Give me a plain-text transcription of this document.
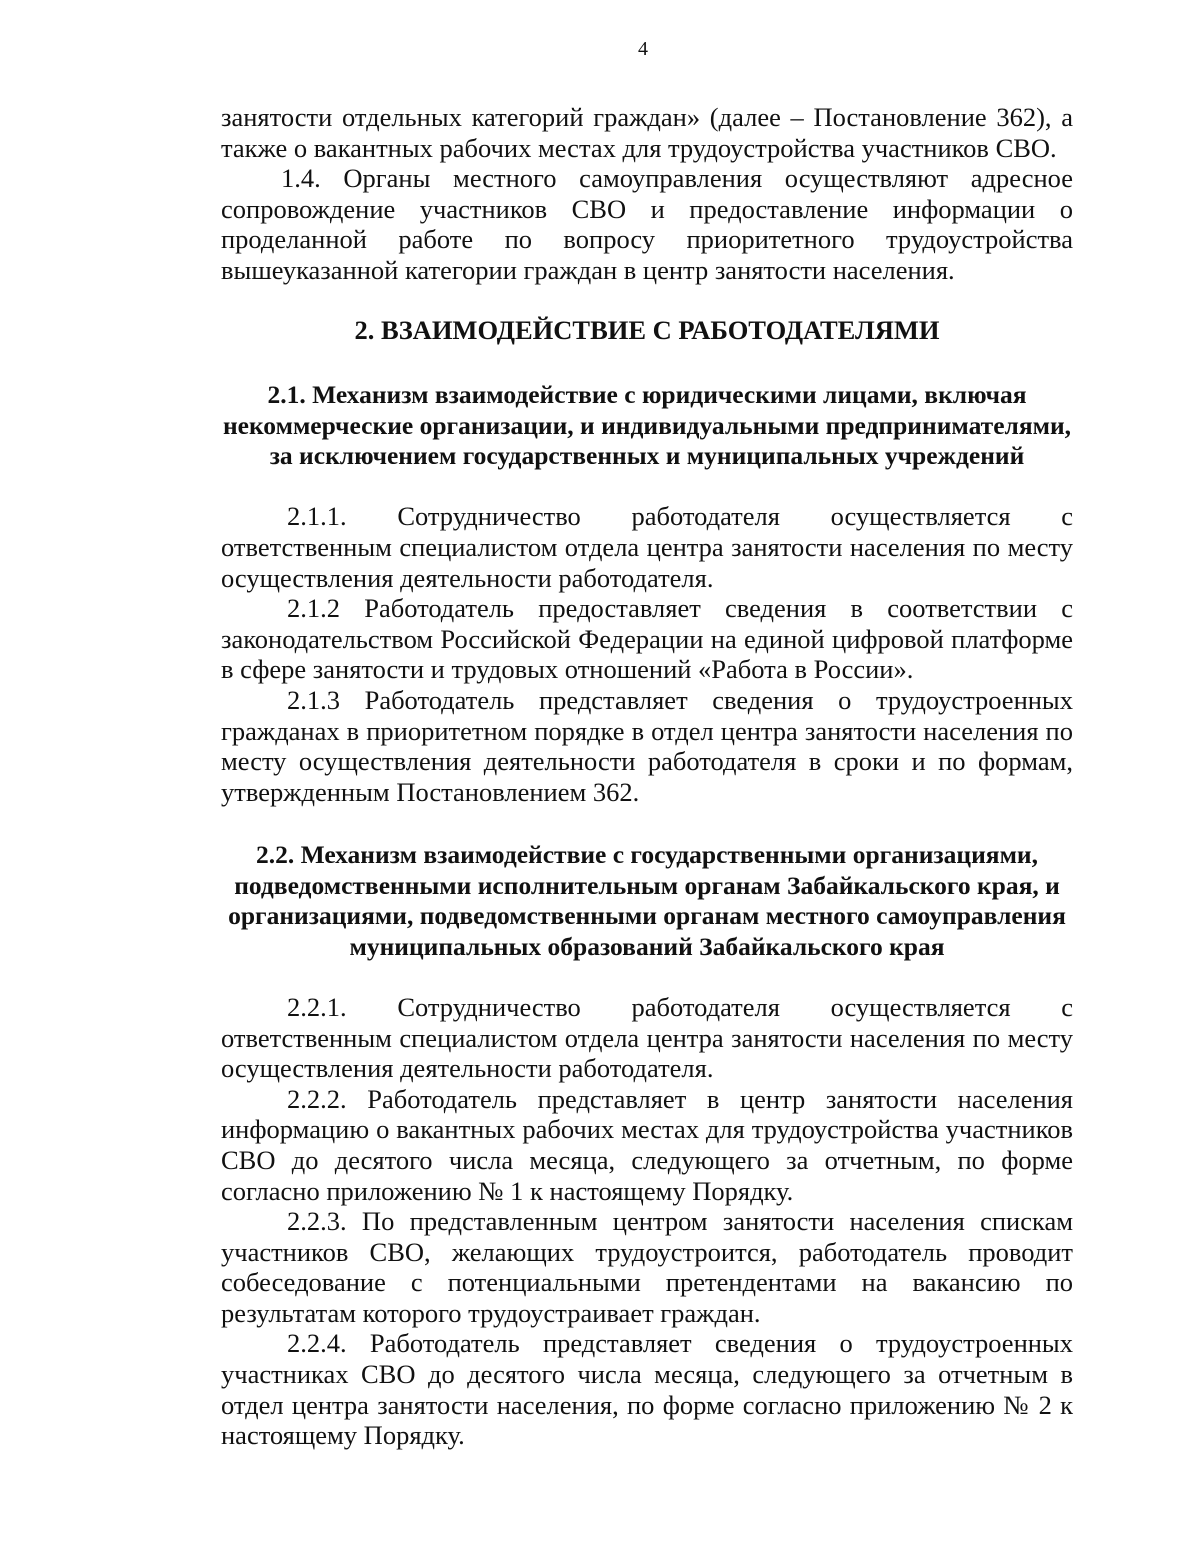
4

занятости отдельных категорий граждан» (далее – Постановление 362), а также о вакантных рабочих местах для трудоустройства участников СВО.

1.4. Органы местного самоуправления осуществляют адресное сопровождение участников СВО и предоставление информации о проделанной работе по вопросу приоритетного трудоустройства вышеуказанной категории граждан в центр занятости населения.

2. ВЗАИМОДЕЙСТВИЕ С РАБОТОДАТЕЛЯМИ
2.1. Механизм взаимодействие с юридическими лицами, включая некоммерческие организации, и индивидуальными предпринимателями, за исключением государственных и муниципальных учреждений

2.1.1. Сотрудничество работодателя осуществляется с ответственным специалистом отдела центра занятости населения по месту осуществления деятельности работодателя.

2.1.2 Работодатель предоставляет сведения в соответствии с законодательством Российской Федерации на единой цифровой платформе в сфере занятости и трудовых отношений «Работа в России».

2.1.3 Работодатель представляет сведения о трудоустроенных гражданах в приоритетном порядке в отдел центра занятости населения по месту осуществления деятельности работодателя в сроки и по формам, утвержденным Постановлением 362.

2.2. Механизм взаимодействие с государственными организациями, подведомственными исполнительным органам Забайкальского края, и организациями, подведомственными органам местного самоуправления муниципальных образований Забайкальского края

2.2.1. Сотрудничество работодателя осуществляется с ответственным специалистом отдела центра занятости населения по месту осуществления деятельности работодателя.

2.2.2. Работодатель представляет в центр занятости населения информацию о вакантных рабочих местах для трудоустройства участников СВО до десятого числа месяца, следующего за отчетным, по форме согласно приложению № 1 к настоящему Порядку.

2.2.3. По представленным центром занятости населения спискам участников СВО, желающих трудоустроится, работодатель проводит собеседование с потенциальными претендентами на вакансию по результатам которого трудоустраивает граждан.

2.2.4. Работодатель представляет сведения о трудоустроенных участниках СВО до десятого числа месяца, следующего за отчетным в отдел центра занятости населения, по форме согласно приложению № 2 к настоящему Порядку.
